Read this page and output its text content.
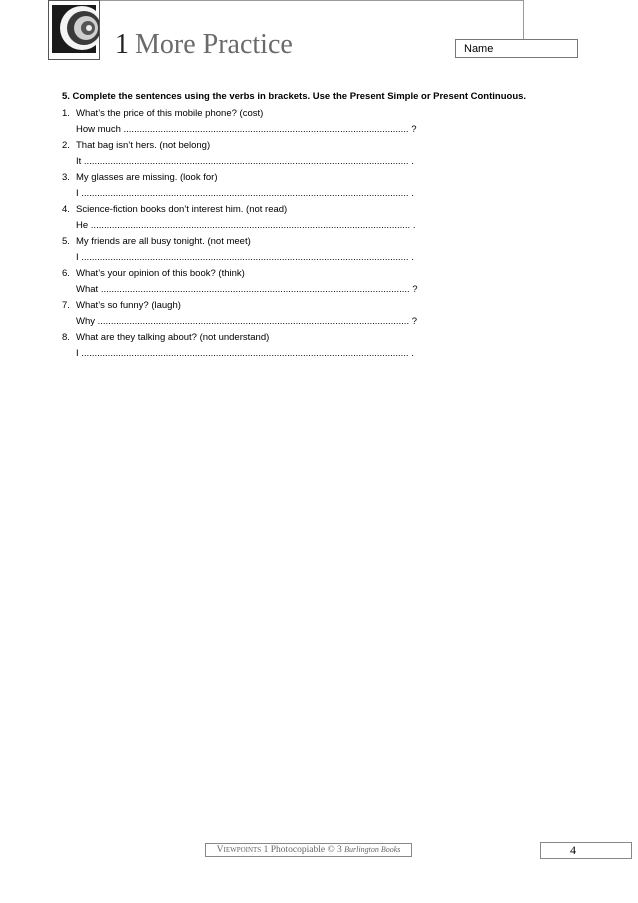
1 More Practice	Name
5. Complete the sentences using the verbs in brackets. Use the Present Simple or Present Continuous.
1. What’s the price of this mobile phone? (cost)
How much ............................................................................................................ ?
2. That bag isn’t hers. (not belong)
It ........................................................................................................................... .
3. My glasses are missing. (look for)
I ............................................................................................................................ .
4. Science-fiction books don’t interest him. (not read)
He ......................................................................................................................... .
5. My friends are all busy tonight. (not meet)
I ............................................................................................................................ .
6. What’s your opinion of this book? (think)
What ..................................................................................................................... ?
7. What’s so funny? (laugh)
Why ...................................................................................................................... ?
8. What are they talking about? (not understand)
I ............................................................................................................................ .
Viewpoints 1 Photocopiable © 3 Burlington Books	4
